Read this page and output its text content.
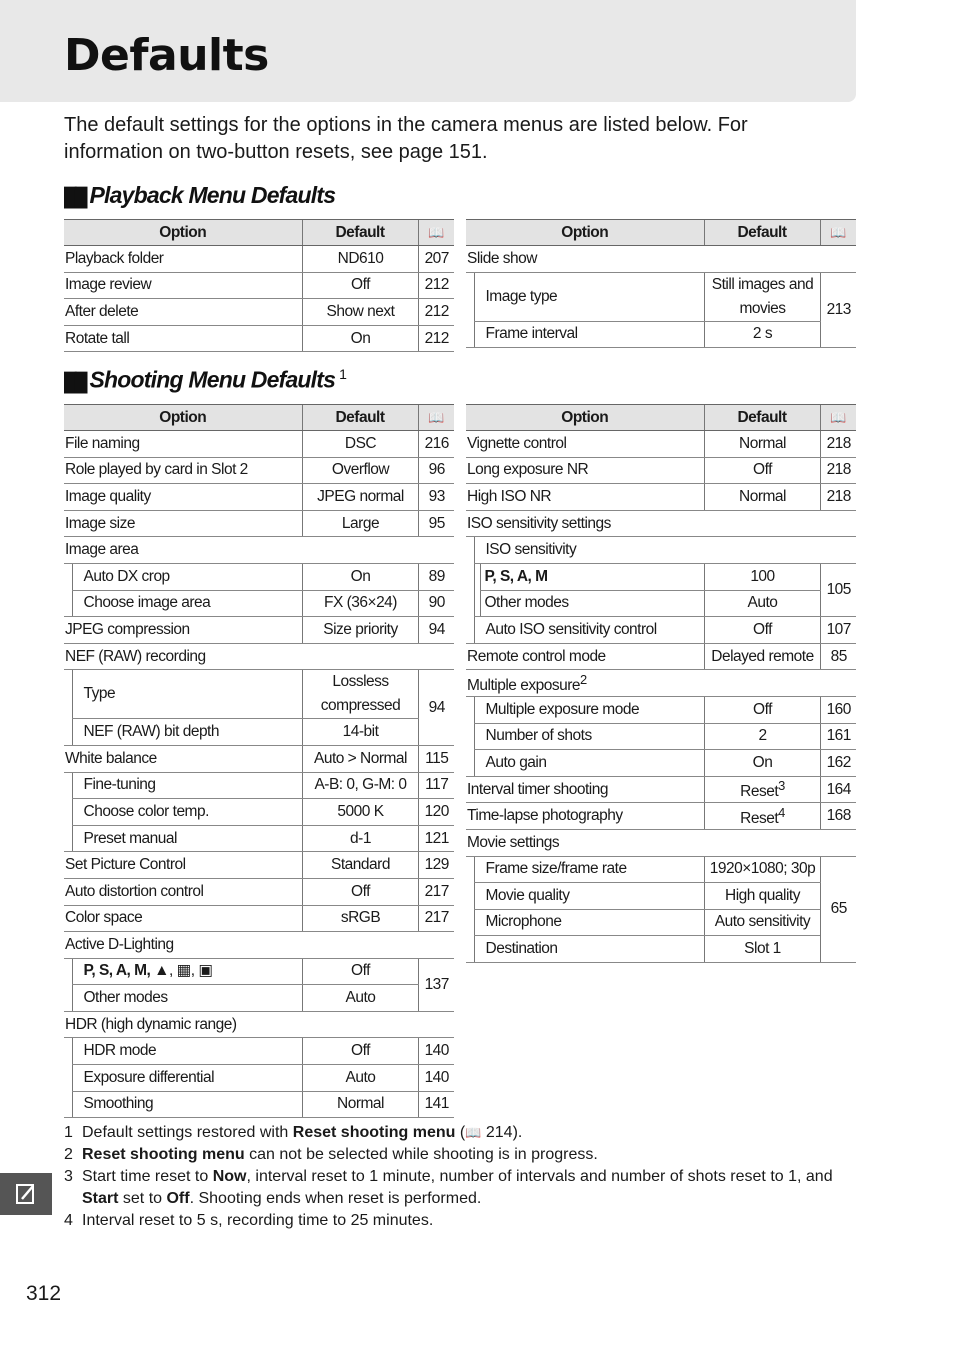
Defaults

The default settings for the options in the camera menus are listed below. For information on two-button resets, see page 151.

██ Playback Menu Defaults
Option	Default	📖
Playback folder	ND610	207
Image review	Off	212
After delete	Show next	212
Rotate tall	On	212
Option		Default	📖
Slide show			
	Image type	Still images and movies	213
	Frame interval	2 s	
██ Shooting Menu Defaults $^1$
Option		Default	📖
File naming		DSC	216
Role played by card in Slot 2		Overflow	96
Image quality		JPEG normal	93
Image size		Large	95
Image area			
	Auto DX crop	On	89
	Choose image area	FX (36×24)	90
JPEG compression		Size priority	94
NEF (RAW) recording			
	Type	Lossless compressed	94
	NEF (RAW) bit depth	14-bit	
White balance		Auto > Normal	115
	Fine-tuning	A-B: 0, G-M: 0	117
	Choose color temp.	5000 K	120
	Preset manual	d-1	121
Set Picture Control		Standard	129
Auto distortion control		Off	217
Color space		sRGB	217
Active D-Lighting			
	P, S, A, M, ▲, ▦, ▣	Off	137
	Other modes	Auto	
HDR (high dynamic range)			
	HDR mode	Off	140
	Exposure differential	Auto	140
	Smoothing	Normal	141
Option			Default	📖
Vignette control			Normal	218
Long exposure NR			Off	218
High ISO NR			Normal	218
ISO sensitivity settings				
	ISO sensitivity			
		P, S, A, M	100	105
		Other modes	Auto	
	Auto ISO sensitivity control		Off	107
Remote control mode			Delayed remote	85
Multiple exposure$^2$
	Multiple exposure mode		Off	160
	Number of shots		2	161
	Auto gain		On	162
Interval timer shooting			Reset$^3$	164
Time-lapse photography			Reset$^4$	168
Movie settings				
	Frame size/frame rate		1920×1080; 30p	65
	Movie quality		High quality	
	Microphone		Auto sensitivity	
	Destination		Slot 1	
1 Default settings restored with Reset shooting menu (📖 214).
2 Reset shooting menu can not be selected while shooting is in progress.
3 Start time reset to Now, interval reset to 1 minute, number of intervals and number of shots reset to 1, and Start set to Off. Shooting ends when reset is performed.
4 Interval reset to 5 s, recording time to 25 minutes.

312
